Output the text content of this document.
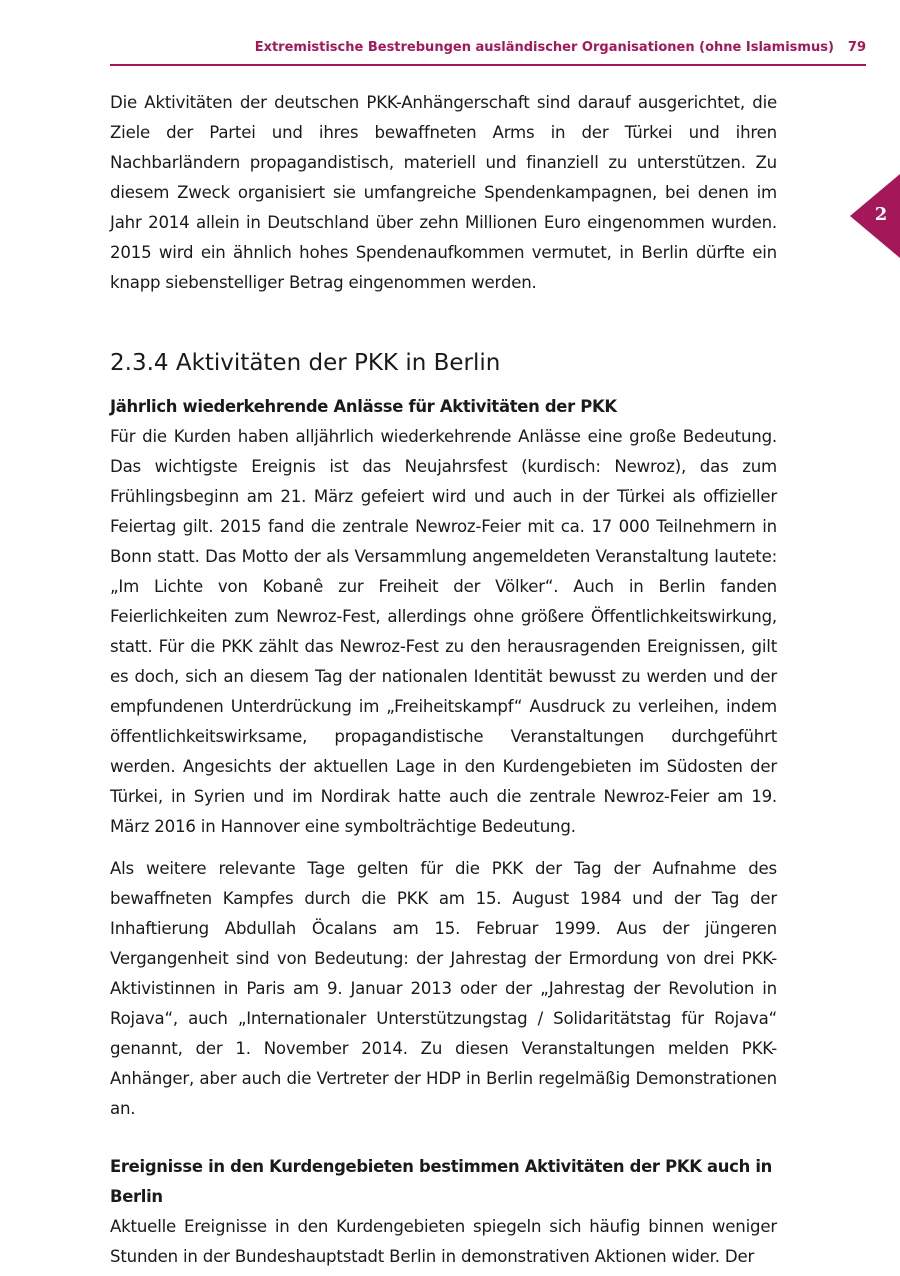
Extremistische Bestrebungen ausländischer Organisationen (ohne Islamismus) 79
2

Die Aktivitäten der deutschen PKK-Anhängerschaft sind darauf ausgerichtet, die Ziele der Partei und ihres bewaffneten Arms in der Türkei und ihren Nachbarländern propagandistisch, materiell und finanziell zu unterstützen. Zu diesem Zweck organisiert sie umfangreiche Spendenkampagnen, bei denen im Jahr 2014 allein in Deutschland über zehn Millionen Euro eingenommen wurden. 2015 wird ein ähnlich hohes Spendenaufkommen vermutet, in Berlin dürfte ein knapp siebenstelliger Betrag eingenommen werden.

2.3.4 Aktivitäten der PKK in Berlin
Jährlich wiederkehrende Anlässe für Aktivitäten der PKK

Für die Kurden haben alljährlich wiederkehrende Anlässe eine große Bedeutung. Das wichtigste Ereignis ist das Neujahrsfest (kurdisch: Newroz), das zum Frühlingsbeginn am 21. März gefeiert wird und auch in der Türkei als offizieller Feiertag gilt. 2015 fand die zentrale Newroz-Feier mit ca. 17 000 Teilnehmern in Bonn statt. Das Motto der als Versammlung angemeldeten Veranstaltung lautete: „Im Lichte von Kobanê zur Freiheit der Völker“. Auch in Berlin fanden Feierlichkeiten zum Newroz-Fest, allerdings ohne größere Öffentlichkeitswirkung, statt. Für die PKK zählt das Newroz-Fest zu den herausragenden Ereignissen, gilt es doch, sich an diesem Tag der nationalen Identität bewusst zu werden und der empfundenen Unterdrückung im „Freiheitskampf“ Ausdruck zu verleihen, indem öffentlichkeitswirksame, propagandistische Veranstaltungen durchgeführt werden. Angesichts der aktuellen Lage in den Kurdengebieten im Südosten der Türkei, in Syrien und im Nordirak hatte auch die zentrale Newroz-Feier am 19. März 2016 in Hannover eine symbolträchtige Bedeutung.

Als weitere relevante Tage gelten für die PKK der Tag der Aufnahme des bewaffneten Kampfes durch die PKK am 15. August 1984 und der Tag der Inhaftierung Abdullah Öcalans am 15. Februar 1999. Aus der jüngeren Vergangenheit sind von Bedeutung: der Jahrestag der Ermordung von drei PKK-Aktivistinnen in Paris am 9. Januar 2013 oder der „Jahrestag der Revolution in Rojava“, auch „Internationaler Unterstützungstag / Solidaritätstag für Rojava“ genannt, der 1. November 2014. Zu diesen Veranstaltungen melden PKK-Anhänger, aber auch die Vertreter der HDP in Berlin regelmäßig Demonstrationen an.

Ereignisse in den Kurdengebieten bestimmen Aktivitäten der PKK auch in Berlin

Aktuelle Ereignisse in den Kurdengebieten spiegeln sich häufig binnen weniger Stunden in der Bundeshauptstadt Berlin in demonstrativen Aktionen wider. Der
